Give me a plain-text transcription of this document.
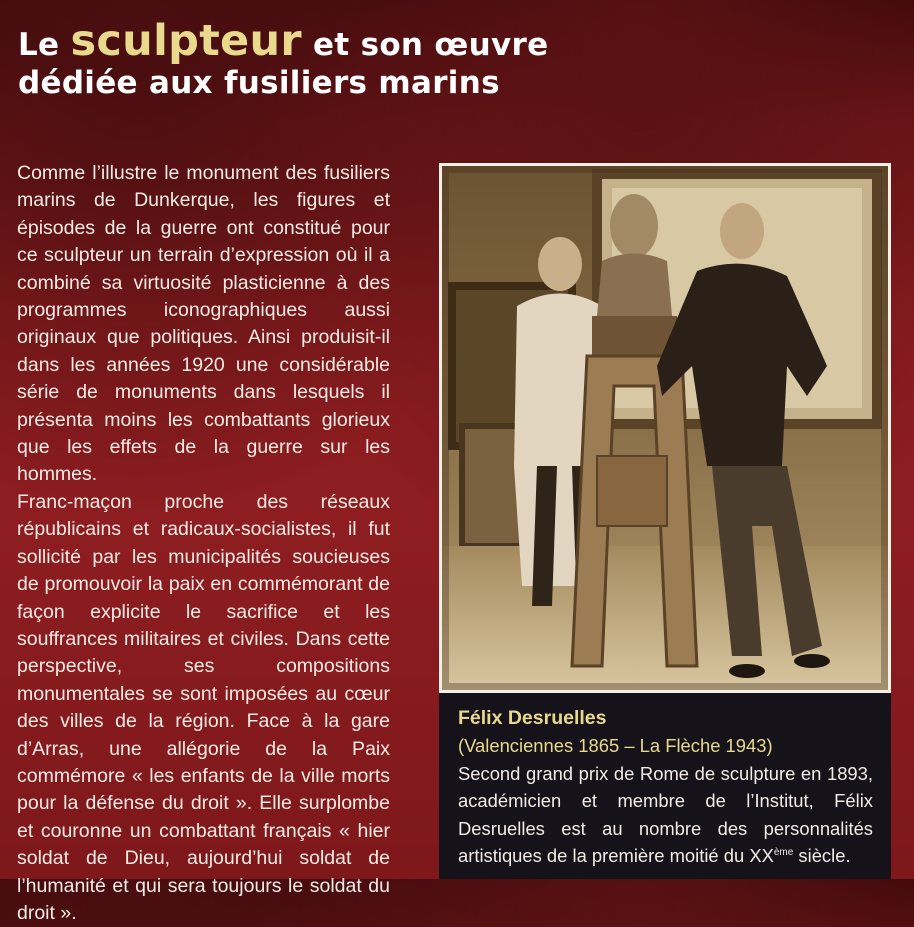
Le sculpteur et son œuvre
dédiée aux fusiliers marins

Comme l’illustre le monument des fusiliers marins de Dunkerque, les figures et épisodes de la guerre ont constitué pour ce sculpteur un terrain d’expression où il a combiné sa virtuosité plasticienne à des programmes iconographiques aussi originaux que politiques. Ainsi produisit-il dans les années 1920 une considérable série de monuments dans lesquels il présenta moins les combattants glorieux que les effets de la guerre sur les hommes.

Franc-maçon proche des réseaux républicains et radicaux-socialistes, il fut sollicité par les municipalités soucieuses de promouvoir la paix en commémorant de façon explicite le sacrifice et les souffrances militaires et civiles. Dans cette perspective, ses compositions monumentales se sont imposées au cœur des villes de la région. Face à la gare d’Arras, une allégorie de la Paix commémore « les enfants de la ville morts pour la défense du droit ». Elle surplombe et couronne un combattant français « hier soldat de Dieu, aujourd’hui soldat de l’humanité et qui sera toujours le soldat du droit ».

Félix Desruelles
(Valenciennes 1865 – La Flèche 1943)
Second grand prix de Rome de sculpture en 1893, académicien et membre de l’Institut, Félix Desruelles est au nombre des personnalités artistiques de la première moitié du XXème siècle.
